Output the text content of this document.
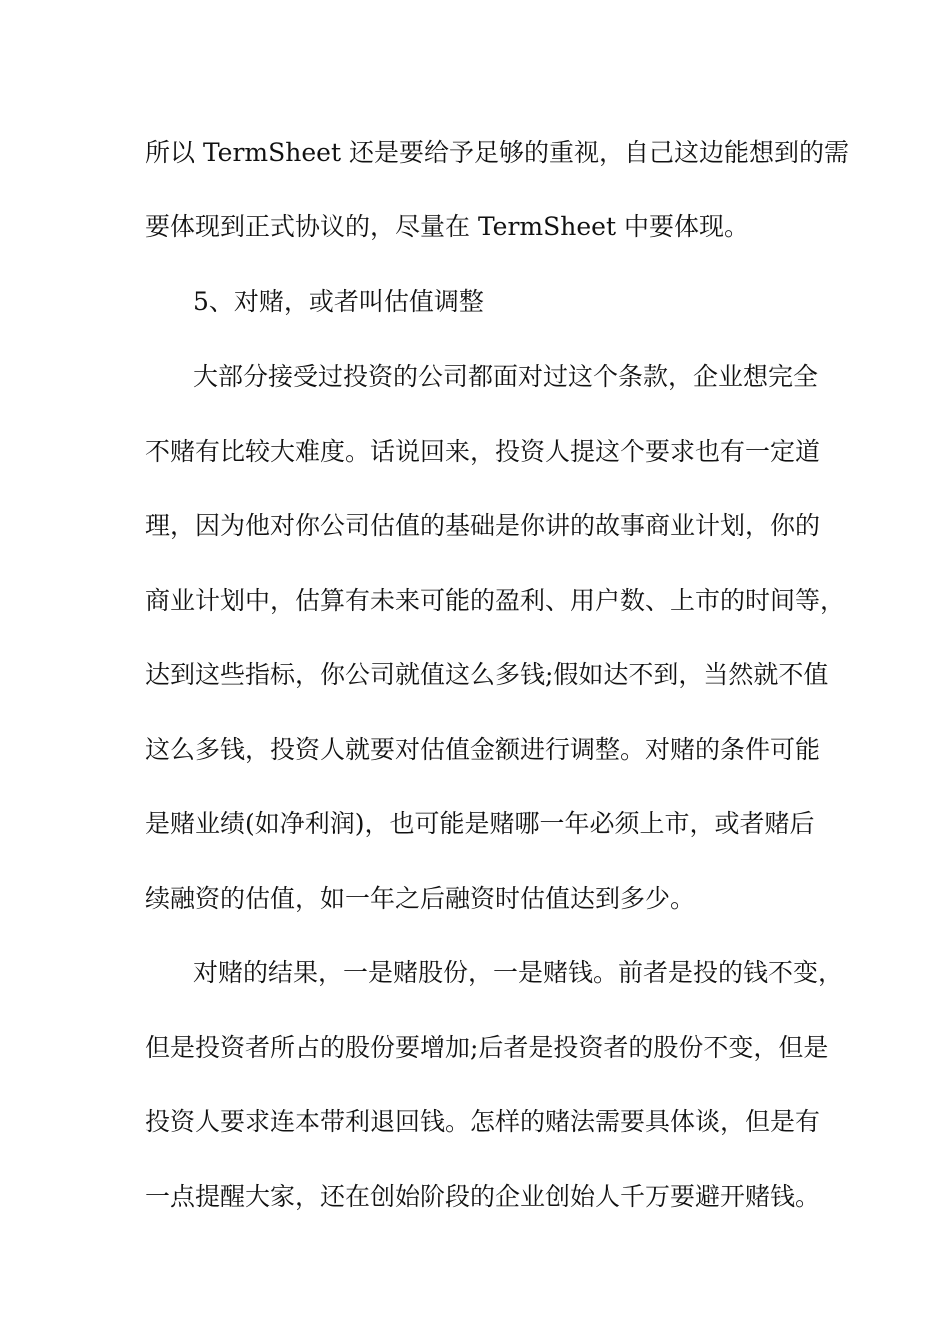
所以 TermSheet 还是要给予足够的重视，自己这边能想到的需
要体现到正式协议的，尽量在 TermSheet 中要体现。
5、对赌，或者叫估值调整
大部分接受过投资的公司都面对过这个条款，企业想完全
不赌有比较大难度。话说回来，投资人提这个要求也有一定道
理，因为他对你公司估值的基础是你讲的故事商业计划，你的
商业计划中，估算有未来可能的盈利、用户数、上市的时间等，
达到这些指标，你公司就值这么多钱;假如达不到，当然就不值
这么多钱，投资人就要对估值金额进行调整。对赌的条件可能
是赌业绩(如净利润)，也可能是赌哪一年必须上市，或者赌后
续融资的估值，如一年之后融资时估值达到多少。
对赌的结果，一是赌股份，一是赌钱。前者是投的钱不变，
但是投资者所占的股份要增加;后者是投资者的股份不变，但是
投资人要求连本带利退回钱。怎样的赌法需要具体谈，但是有
一点提醒大家，还在创始阶段的企业创始人千万要避开赌钱。
